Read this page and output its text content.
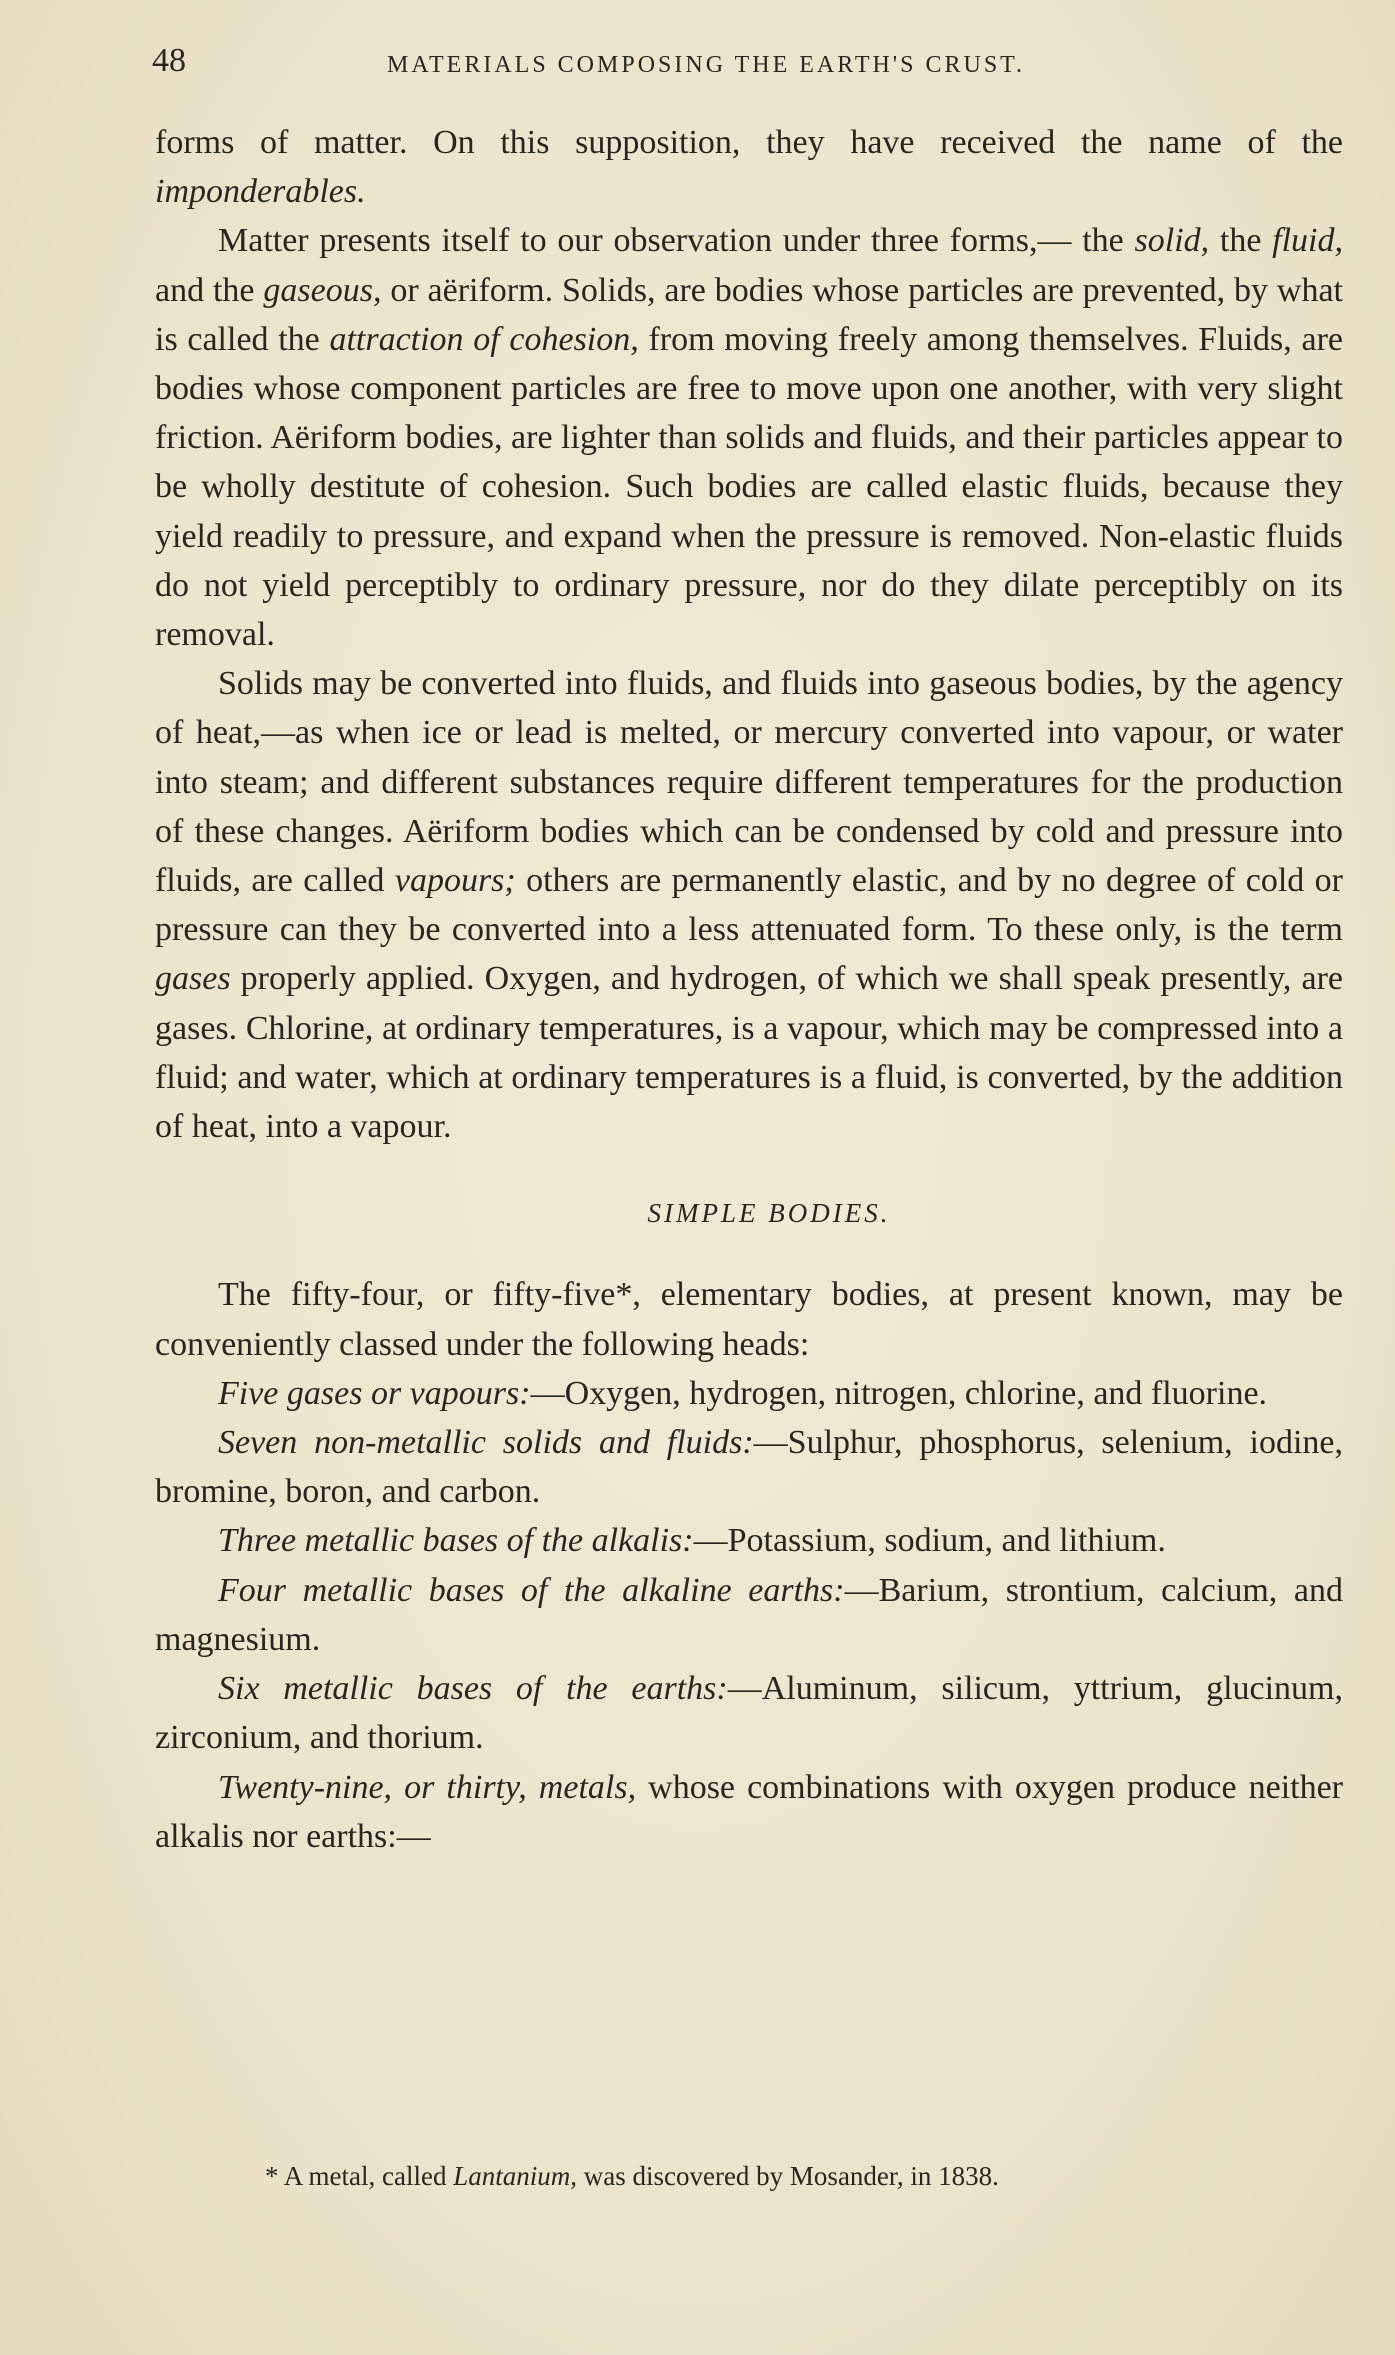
48	MATERIALS COMPOSING THE EARTH'S CRUST.

forms of matter. On this supposition, they have received the name of the imponderables.

Matter presents itself to our observation under three forms,— the solid, the fluid, and the gaseous, or aëriform. Solids, are bodies whose particles are prevented, by what is called the attraction of cohesion, from moving freely among themselves. Fluids, are bodies whose component particles are free to move upon one another, with very slight friction. Aëriform bodies, are lighter than solids and fluids, and their particles appear to be wholly destitute of cohesion. Such bodies are called elastic fluids, because they yield readily to pressure, and expand when the pressure is removed. Non-elastic fluids do not yield perceptibly to ordinary pressure, nor do they dilate perceptibly on its removal.

Solids may be converted into fluids, and fluids into gaseous bodies, by the agency of heat,—as when ice or lead is melted, or mercury converted into vapour, or water into steam; and different substances require different temperatures for the production of these changes. Aëriform bodies which can be condensed by cold and pressure into fluids, are called vapours; others are permanently elastic, and by no degree of cold or pressure can they be converted into a less attenuated form. To these only, is the term gases properly applied. Oxygen, and hydrogen, of which we shall speak presently, are gases. Chlorine, at ordinary temperatures, is a vapour, which may be compressed into a fluid; and water, which at ordinary temperatures is a fluid, is converted, by the addition of heat, into a vapour.

SIMPLE BODIES.

The fifty-four, or fifty-five*, elementary bodies, at present known, may be conveniently classed under the following heads:

Five gases or vapours:—Oxygen, hydrogen, nitrogen, chlorine, and fluorine.

Seven non-metallic solids and fluids:—Sulphur, phosphorus, selenium, iodine, bromine, boron, and carbon.

Three metallic bases of the alkalis:—Potassium, sodium, and lithium.

Four metallic bases of the alkaline earths:—Barium, strontium, calcium, and magnesium.

Six metallic bases of the earths:—Aluminum, silicum, yttrium, glucinum, zirconium, and thorium.

Twenty-nine, or thirty, metals, whose combinations with oxygen produce neither alkalis nor earths:—

* A metal, called Lantanium, was discovered by Mosander, in 1838.
